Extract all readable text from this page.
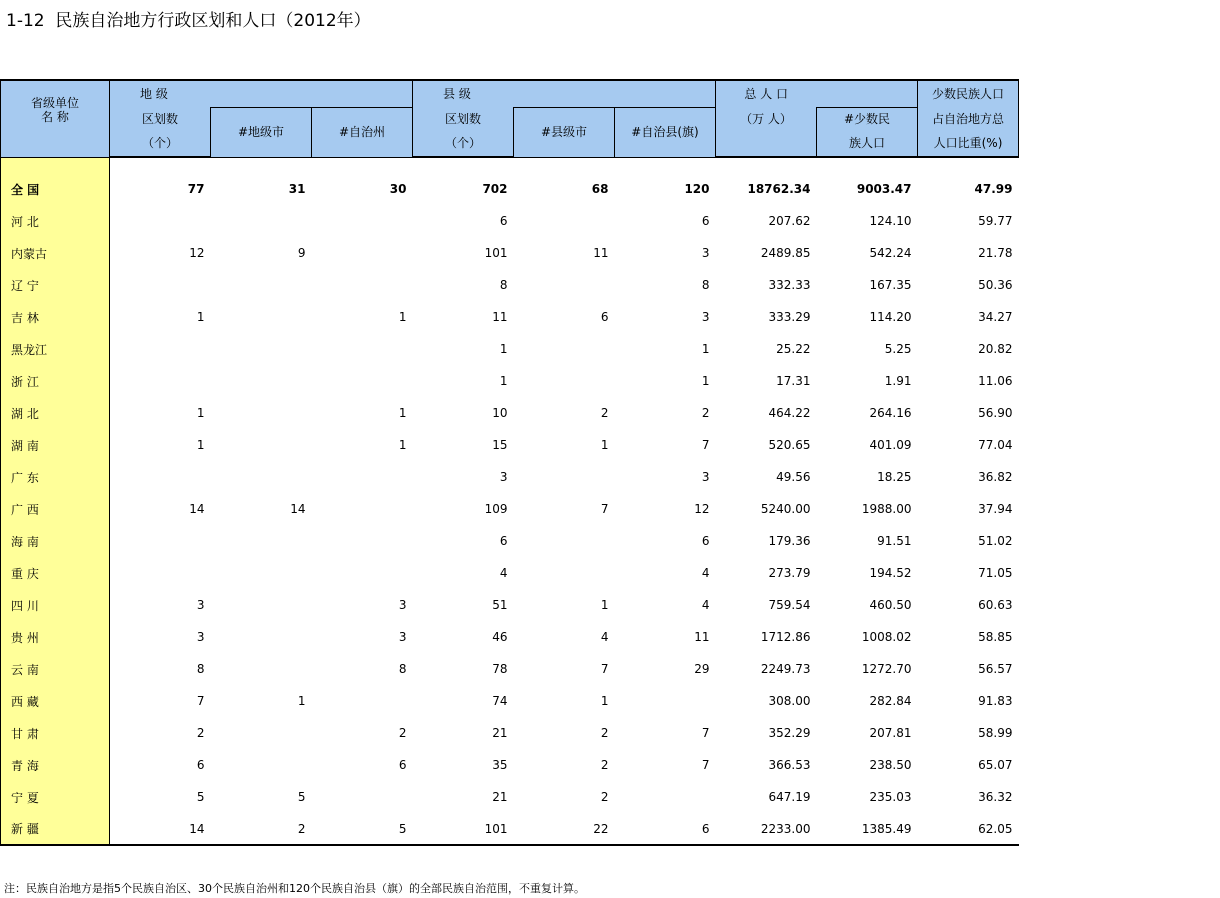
1-12  民族自治地方行政区划和人口（2012年）
省级单位
名 称	地 级			县 级			总 人 口		少数民族人口
	区划数	#地级市	#自治州	区划数	#县级市	#自治县(旗)	（万 人）	#少数民	占自治地方总
	（个）			（个）				族人口	人口比重(%)

全 国	77	31	30	702	68	120	18762.34	9003.47	47.99
河 北				6		6	207.62	124.10	59.77
内蒙古	12	9		101	11	3	2489.85	542.24	21.78
辽 宁				8		8	332.33	167.35	50.36
吉 林	1		1	11	6	3	333.29	114.20	34.27
黑龙江				1		1	25.22	5.25	20.82
浙 江				1		1	17.31	1.91	11.06
湖 北	1		1	10	2	2	464.22	264.16	56.90
湖 南	1		1	15	1	7	520.65	401.09	77.04
广 东				3		3	49.56	18.25	36.82
广 西	14	14		109	7	12	5240.00	1988.00	37.94
海 南				6		6	179.36	91.51	51.02
重 庆				4		4	273.79	194.52	71.05
四 川	3		3	51	1	4	759.54	460.50	60.63
贵 州	3		3	46	4	11	1712.86	1008.02	58.85
云 南	8		8	78	7	29	2249.73	1272.70	56.57
西 藏	7	1		74	1		308.00	282.84	91.83
甘 肃	2		2	21	2	7	352.29	207.81	58.99
青 海	6		6	35	2	7	366.53	238.50	65.07
宁 夏	5	5		21	2		647.19	235.03	36.32
新 疆	14	2	5	101	22	6	2233.00	1385.49	62.05
注：民族自治地方是指5个民族自治区、30个民族自治州和120个民族自治县（旗）的全部民族自治范围，不重复计算。
